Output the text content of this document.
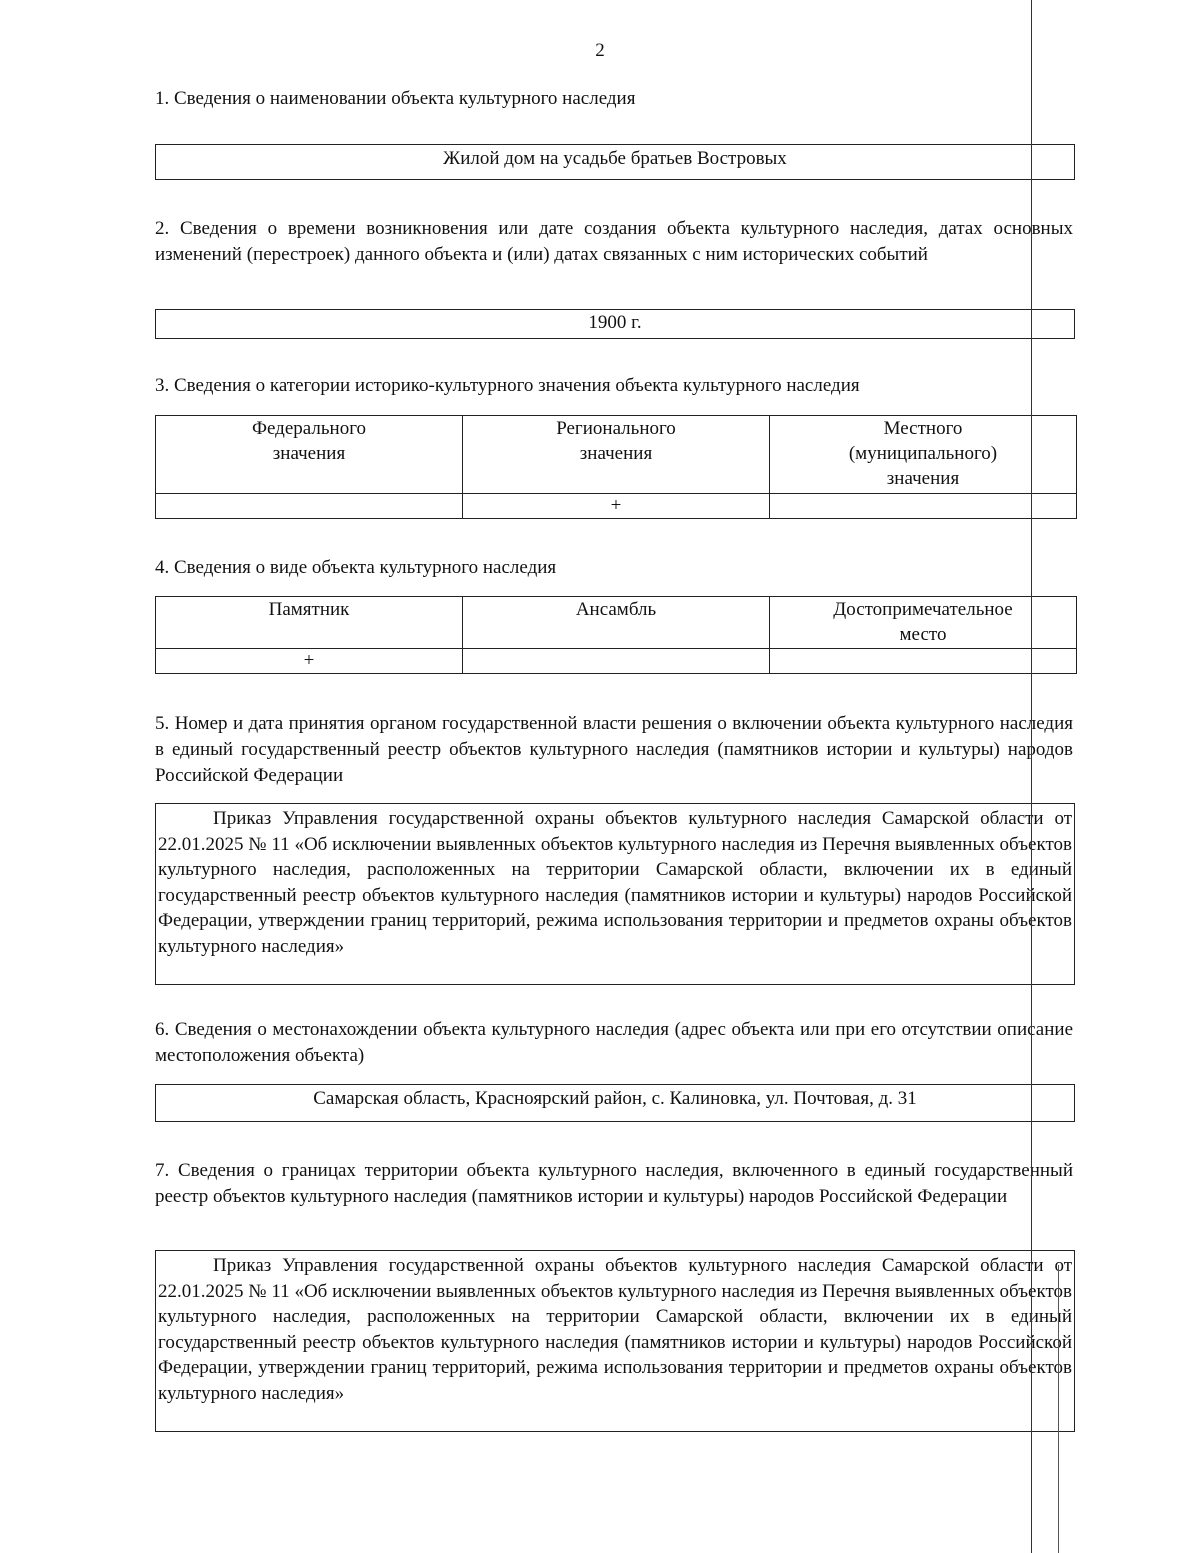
2

1. Сведения о наименовании объекта культурного наследия

Жилой дом на усадьбе братьев Востровых

2. Сведения о времени возникновения или дате создания объекта культурного наследия, датах основных изменений (перестроек) данного объекта и (или) датах связанных с ним исторических событий

1900 г.

3. Сведения о категории историко-культурного значения объекта культурного наследия

Федерального значения	Регионального значения	Местного (муниципального) значения
	+	

4. Сведения о виде объекта культурного наследия

Памятник	Ансамбль	Достопримечательное место
+		

5. Номер и дата принятия органом государственной власти решения о включении объекта культурного наследия в единый государственный реестр объектов культурного наследия (памятников истории и культуры) народов Российской Федерации

Приказ Управления государственной охраны объектов культурного наследия Самарской области от 22.01.2025 № 11 «Об исключении выявленных объектов культурного наследия из Перечня выявленных объектов культурного наследия, расположенных на территории Самарской области, включении их в единый государственный реестр объектов культурного наследия (памятников истории и культуры) народов Российской Федерации, утверждении границ территорий, режима использования территории и предметов охраны объектов культурного наследия»

6. Сведения о местонахождении объекта культурного наследия (адрес объекта или при его отсутствии описание местоположения объекта)

Самарская область, Красноярский район, с. Калиновка, ул. Почтовая, д. 31

7. Сведения о границах территории объекта культурного наследия, включенного в единый государственный реестр объектов культурного наследия (памятников истории и культуры) народов Российской Федерации

Приказ Управления государственной охраны объектов культурного наследия Самарской области от 22.01.2025 № 11 «Об исключении выявленных объектов культурного наследия из Перечня выявленных объектов культурного наследия, расположенных на территории Самарской области, включении их в единый государственный реестр объектов культурного наследия (памятников истории и культуры) народов Российской Федерации, утверждении границ территорий, режима использования территории и предметов охраны объектов культурного наследия»
